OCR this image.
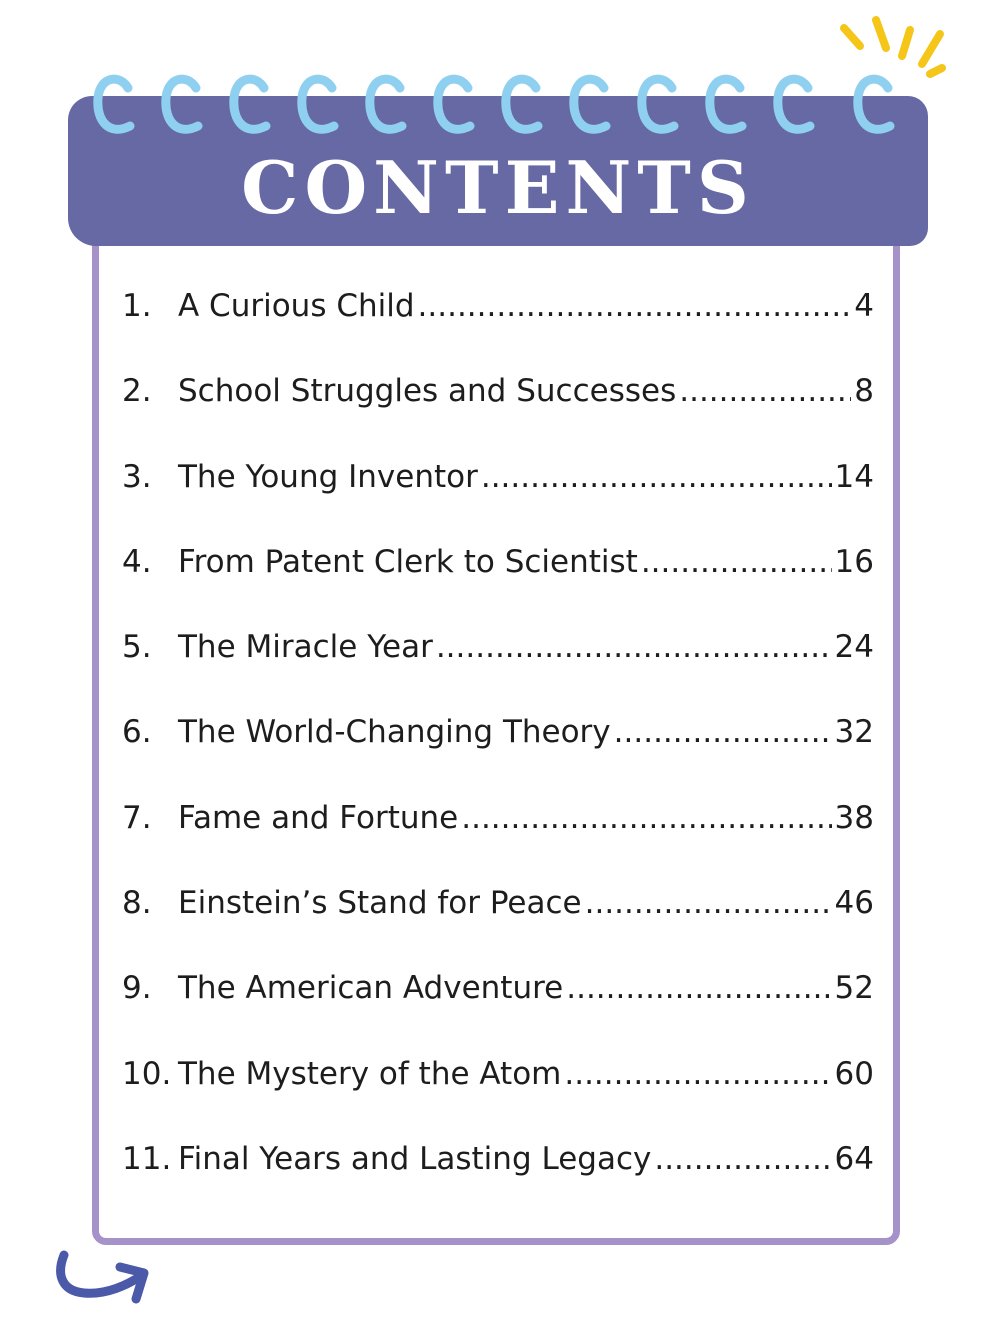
CONTENTS
1. A Curious Child .....	4
2. School Struggles and Successes .....	8
3. The Young Inventor .....	14
4. From Patent Clerk to Scientist .....	16
5. The Miracle Year .....	24
6. The World-Changing Theory .....	32
7. Fame and Fortune .....	38
8. Einstein’s Stand for Peace .....	46
9. The American Adventure .....	52
10. The Mystery of the Atom .....	60
11. Final Years and Lasting Legacy .....	64
